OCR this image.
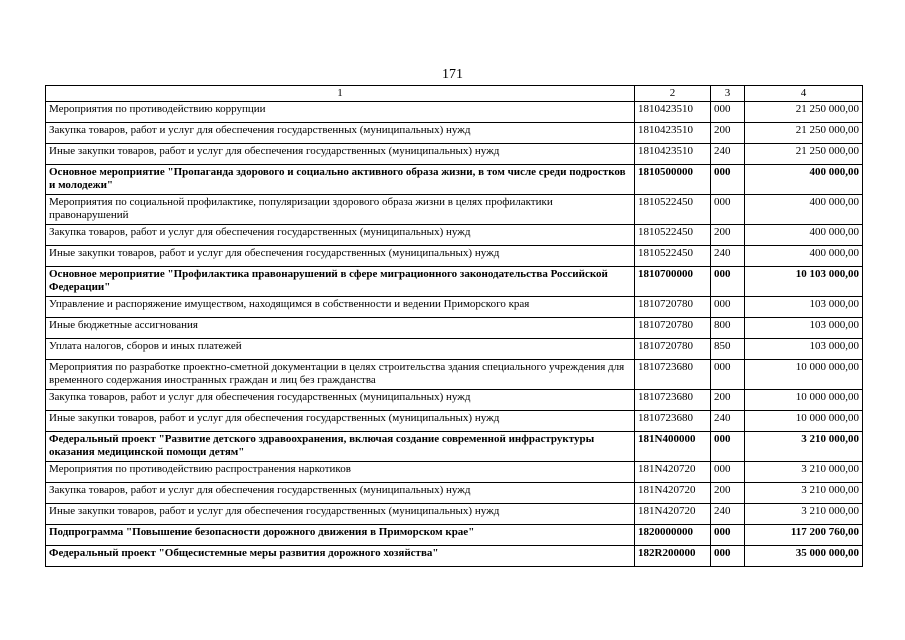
171
1	2	3	4
Мероприятия по противодействию коррупции	1810423510	000	21 250 000,00
Закупка товаров, работ и услуг для обеспечения государственных (муниципальных) нужд	1810423510	200	21 250 000,00
Иные закупки товаров, работ и услуг для обеспечения государственных (муниципальных) нужд	1810423510	240	21 250 000,00
Основное мероприятие "Пропаганда здорового и социально активного образа жизни, в том числе среди подростков и молодежи"	1810500000	000	400 000,00
Мероприятия по социальной профилактике, популяризации здорового образа жизни в целях профилактики правонарушений	1810522450	000	400 000,00
Закупка товаров, работ и услуг для обеспечения государственных (муниципальных) нужд	1810522450	200	400 000,00
Иные закупки товаров, работ и услуг для обеспечения государственных (муниципальных) нужд	1810522450	240	400 000,00
Основное мероприятие "Профилактика правонарушений в сфере миграционного законодательства Российской Федерации"	1810700000	000	10 103 000,00
Управление и распоряжение имуществом, находящимся в собственности и ведении Приморского края	1810720780	000	103 000,00
Иные бюджетные ассигнования	1810720780	800	103 000,00
Уплата налогов, сборов и иных платежей	1810720780	850	103 000,00
Мероприятия по разработке проектно-сметной документации в целях строительства здания специального учреждения для временного содержания иностранных граждан и лиц без гражданства	1810723680	000	10 000 000,00
Закупка товаров, работ и услуг для обеспечения государственных (муниципальных) нужд	1810723680	200	10 000 000,00
Иные закупки товаров, работ и услуг для обеспечения государственных (муниципальных) нужд	1810723680	240	10 000 000,00
Федеральный проект "Развитие детского здравоохранения, включая создание современной инфраструктуры оказания медицинской помощи детям"	181N400000	000	3 210 000,00
Мероприятия по противодействию распространения наркотиков	181N420720	000	3 210 000,00
Закупка товаров, работ и услуг для обеспечения государственных (муниципальных) нужд	181N420720	200	3 210 000,00
Иные закупки товаров, работ и услуг для обеспечения государственных (муниципальных) нужд	181N420720	240	3 210 000,00
Подпрограмма "Повышение безопасности дорожного движения в Приморском крае"	1820000000	000	117 200 760,00
Федеральный проект "Общесистемные меры развития дорожного хозяйства"	182R200000	000	35 000 000,00
